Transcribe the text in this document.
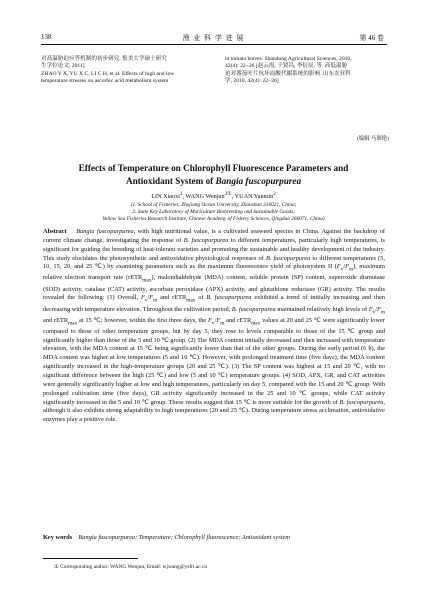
138	渔 业 科 学 进 展	第 46 卷
对高温胁迫应答机制的初步研究. 集美大学硕士研究
生学位论文, 2011]
ZHAO Y X, YU X C, LI C H, et al. Effects of high and low
temperature stresses on ascorbic acid metabolism system
in tomato leaves. Shandong Agricultural Sciences, 2010,
42(4): 22−26 [赵云霞, 于贤昌, 李衍辰, 等. 高低温胁
迫对番茄叶片抗坏血酸代谢系统的影响. 山东农业科
学, 2010, 42(4): 22−26]
(编辑 马璀艳)
Effects of Temperature on Chlorophyll Fluorescence Parameters and
Antioxidant System of Bangia fuscopurpurea
LIN Xiaoxi$^1$, WANG Wenjun$^{2①}$, YUAN Yanmin$^2$
(1. School of Fisheries, Zhejiang Ocean University, Zhoushan 316021, China;
2. State Key Laboratory of Mariculture Biobreeding and Sustainable Goods,
Yellow Sea Fisheries Research Institute, Chinese Academy of Fishery Sciences, Qingdao 266071, China)
Abstract Bangia fuscopurpurea, with high nutritional value, is a cultivated seaweed species in China. Against the backdrop of current climate change, investigating the response of B. fuscopurpurea to different temperatures, particularly high temperatures, is significant for guiding the breeding of heat-tolerant varieties and promoting the sustainable and healthy development of the industry. This study elucidates the photosynthetic and antioxidative physiological responses of B. fuscopurpurea to different temperatures (5, 10, 15, 20, and 25 ℃) by examining parameters such as the maximum fluorescence yield of photosystem II $(F_v/F_m)$, maximum relative electron transport rate (rETR$_{max}$), malondialdehyde (MDA) content, soluble protein (SP) content, superoxide dismutase (SOD) activity, catalase (CAT) activity, ascorbate peroxidase (APX) activity, and glutathione reductase (GR) activity. The results revealed the following: (1) Overall, $F_v/F_m$ and rETR$_{max}$ of B. fuscopurpurea exhibited a trend of initially increasing and then decreasing with temperature elevation. Throughout the cultivation period, B. fuscopurpurea maintained relatively high levels of $F_v/F_m$ and rETR$_{max}$ at 15 ℃; however, within the first three days, the $F_v/F_m$ and rETR$_{max}$ values at 20 and 25 ℃ were significantly lower compared to those of other temperature groups, but by day 5, they rose to levels comparable to those of the 15 ℃ group and significantly higher than those of the 5 and 10 ℃ group. (2) The MDA content initially decreased and then increased with temperature elevation, with the MDA content at 15 ℃ being significantly lower than that of the other groups. During the early period (6 h), the MDA content was higher at low temperatures (5 and 10 ℃). However, with prolonged treatment time (five days), the MDA content significantly increased in the high-temperature groups (20 and 25 ℃). (3) The SP content was highest at 15 and 20 ℃, with no significant difference between the high (25 ℃) and low (5 and 10 ℃) temperature groups. (4) SOD, APX, GR, and CAT activities were generally significantly higher at low and high temperatures, particularly on day 5, compared with the 15 and 20 ℃ group. With prolonged cultivation time (five days), GR activity significantly increased in the 25 and 10 ℃ groups, while CAT activity significantly increased in the 5 and 10 ℃ group. These results suggest that 15 ℃ is more suitable for the growth of B. fuscopurpurea, although it also exhibits strong adaptability to high temperatures (20 and 25 ℃). During temperature stress acclimation, antioxidative enzymes play a positive role.
Key words Bangia fuscopurpurea; Temperature; Chlorophyll fluorescence; Antioxidant system
① Corresponding author: WANG Wenjun, Email: wjwang@ysfri.ac.cn
